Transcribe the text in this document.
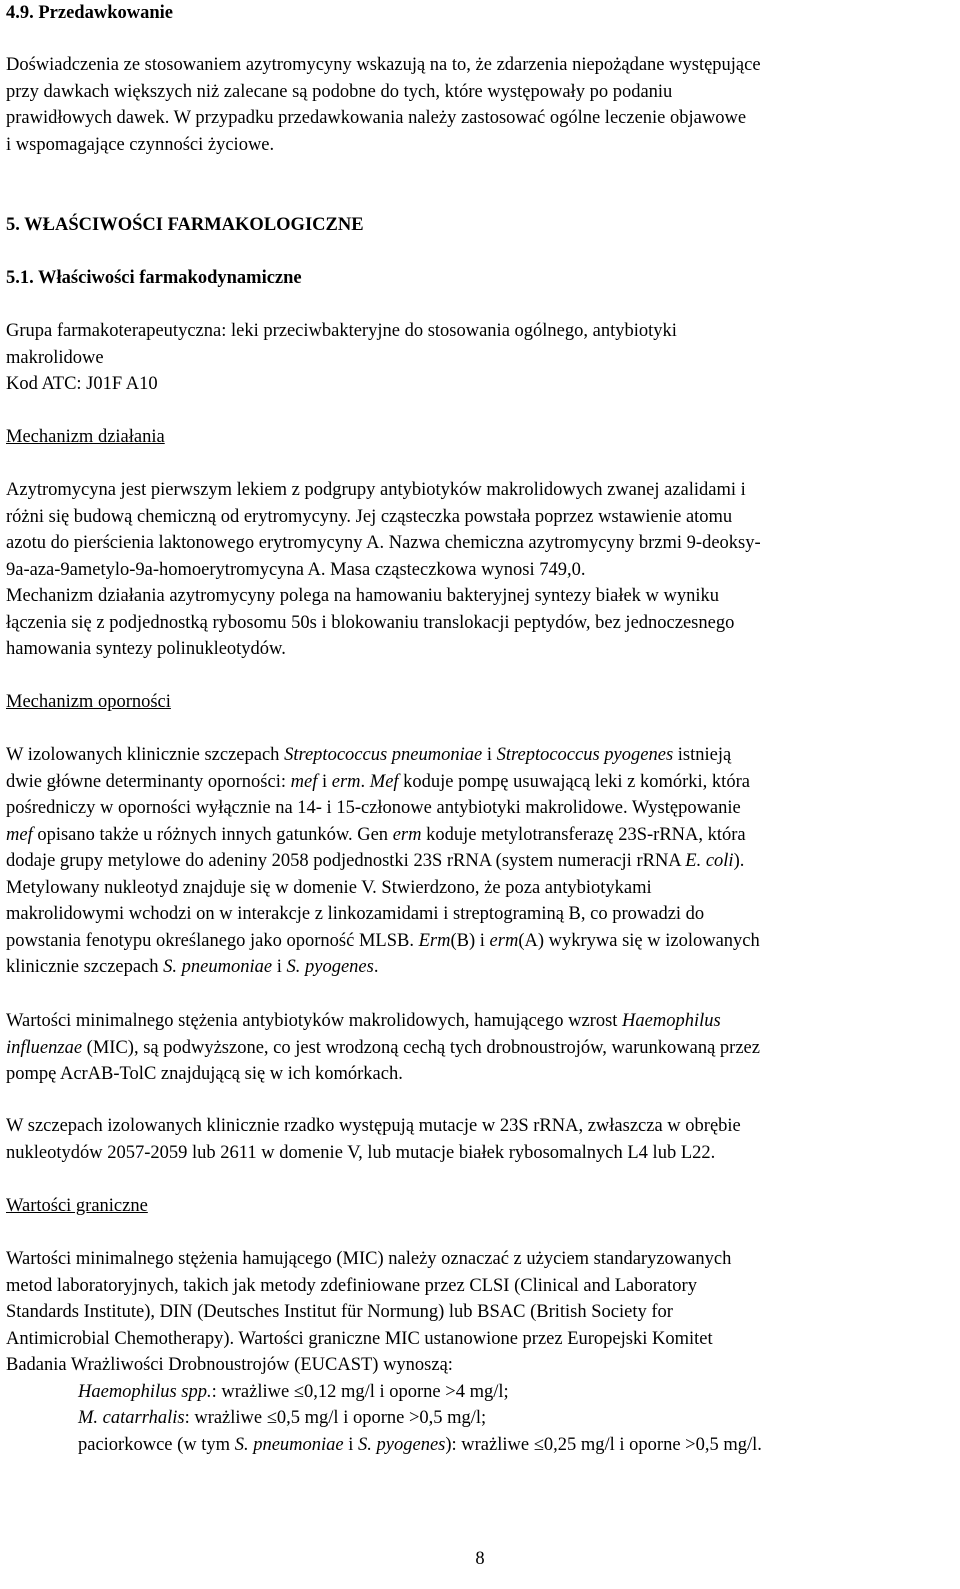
4.9. Przedawkowanie

Doświadczenia ze stosowaniem azytromycyny wskazują na to, że zdarzenia niepożądane występujące
przy dawkach większych niż zalecane są podobne do tych, które występowały po podaniu
prawidłowych dawek. W przypadku przedawkowania należy zastosować ogólne leczenie objawowe
i wspomagające czynności życiowe.

5. WŁAŚCIWOŚCI FARMAKOLOGICZNE

5.1. Właściwości farmakodynamiczne

Grupa farmakoterapeutyczna: leki przeciwbakteryjne do stosowania ogólnego, antybiotyki
makrolidowe
Kod ATC: J01F A10

Mechanizm działania

Azytromycyna jest pierwszym lekiem z podgrupy antybiotyków makrolidowych zwanej azalidami i
różni się budową chemiczną od erytromycyny. Jej cząsteczka powstała poprzez wstawienie atomu
azotu do pierścienia laktonowego erytromycyny A. Nazwa chemiczna azytromycyny brzmi 9-deoksy-
9a-aza-9ametylo-9a-homoerytromycyna A. Masa cząsteczkowa wynosi 749,0.
Mechanizm działania azytromycyny polega na hamowaniu bakteryjnej syntezy białek w wyniku
łączenia się z podjednostką rybosomu 50s i blokowaniu translokacji peptydów, bez jednoczesnego
hamowania syntezy polinukleotydów.

Mechanizm oporności

W izolowanych klinicznie szczepach Streptococcus pneumoniae i Streptococcus pyogenes istnieją
dwie główne determinanty oporności: mef i erm. Mef koduje pompę usuwającą leki z komórki, która
pośredniczy w oporności wyłącznie na 14- i 15-członowe antybiotyki makrolidowe. Występowanie
mef opisano także u różnych innych gatunków. Gen erm koduje metylotransferazę 23S-rRNA, która
dodaje grupy metylowe do adeniny 2058 podjednostki 23S rRNA (system numeracji rRNA E. coli).
Metylowany nukleotyd znajduje się w domenie V. Stwierdzono, że poza antybiotykami
makrolidowymi wchodzi on w interakcje z linkozamidami i streptograminą B, co prowadzi do
powstania fenotypu określanego jako oporność MLSB. Erm(B) i erm(A) wykrywa się w izolowanych
klinicznie szczepach S. pneumoniae i S. pyogenes.
Wartości minimalnego stężenia antybiotyków makrolidowych, hamującego wzrost Haemophilus
influenzae (MIC), są podwyższone, co jest wrodzoną cechą tych drobnoustrojów, warunkowaną przez
pompę AcrAB-TolC znajdującą się w ich komórkach.
W szczepach izolowanych klinicznie rzadko występują mutacje w 23S rRNA, zwłaszcza w obrębie
nukleotydów 2057-2059 lub 2611 w domenie V, lub mutacje białek rybosomalnych L4 lub L22.

Wartości graniczne

Wartości minimalnego stężenia hamującego (MIC) należy oznaczać z użyciem standaryzowanych
metod laboratoryjnych, takich jak metody zdefiniowane przez CLSI (Clinical and Laboratory
Standards Institute), DIN (Deutsches Institut für Normung) lub BSAC (British Society for
Antimicrobial Chemotherapy). Wartości graniczne MIC ustanowione przez Europejski Komitet
Badania Wrażliwości Drobnoustrojów (EUCAST) wynoszą:
Haemophilus spp.: wrażliwe ≤0,12 mg/l i oporne >4 mg/l;
M. catarrhalis: wrażliwe ≤0,5 mg/l i oporne >0,5 mg/l;
paciorkowce (w tym S. pneumoniae i S. pyogenes): wrażliwe ≤0,25 mg/l i oporne >0,5 mg/l.
8
